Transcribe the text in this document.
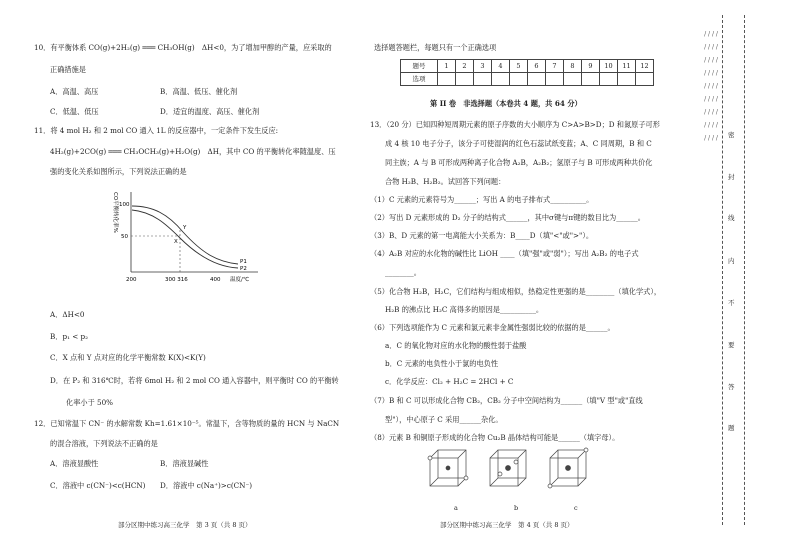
10．有平衡体系 CO(g)+2H₂(g) ═══ CH₃OH(g)　ΔH<0，为了增加甲醇的产量，应采取的
正确措施是
A．高温、高压	B．高温、低压、催化剂
C．低温、低压	D．适宜的温度、高压、催化剂
11．将 4 mol H₂ 和 2 mol CO 通入 1L 的反应器中，一定条件下发生反应:
4H₂(g)+2CO(g) ═══ CH₃OCH₃(g)+H₂O(g)　ΔH，其中 CO 的平衡转化率随温度、压
强的变化关系如图所示，下列说法正确的是
CO平衡转化率% 100
50
200	300 316	400 温度/℃
P1
P2
Y
X
A．ΔH<0
B．p₁ < p₂
C．X 点和 Y 点对应的化学平衡常数 K(X)<K(Y)
D．在 P₂ 和 316℃时，若将 6mol H₂ 和 2 mol CO 通入容器中，则平衡时 CO 的平衡转
化率小于 50%
12．已知常温下 CN⁻ 的水解常数 Kh=1.61×10⁻⁵。常温下，含等物质的量的 HCN 与 NaCN
的混合溶液，下列说法不正确的是
A．溶液显酸性	B．溶液显碱性
C．溶液中 c(CN⁻)<c(HCN) D．溶液中 c(Na⁺)>c(CN⁻)
部分区期中练习高三化学　第 3 页（共 8 页）
选择题答题栏，每题只有一个正确选项
题号	1	2	3	4	5	6	7	8	9	10	11	12
选项												
第 II 卷　非选择题（本卷共 4 题，共 64 分）
13．（20 分）已知四种短周期元素的原子序数的大小顺序为 C>A>B>D；D 和氮原子可形
成 4 核 10 电子分子，该分子可使湿润的红色石蕊试纸变蓝；A、C 同周期，B 和 C
同主族；A 与 B 可形成两种离子化合物 A₂B，A₂B₂；氢原子与 B 可形成两种共价化
合物 H₂B、H₂B₂。试回答下列问题：
（1）C 元素的元素符号为______；写出 A 的电子排布式__________。
（2）写出 D 元素形成的 D₂ 分子的结构式______，其中σ键与π键的数目比为______。
（3）B、D 元素的第一电离能大小关系为：B____D（填"<"或">"）。
（4）A₂B 对应的水化物的碱性比 LiOH ____（填"强"或"弱"）；写出 A₂B₂ 的电子式
________。
（5）化合物 H₂B，H₂C，它们结构与组成相似，热稳定性更强的是________（填化学式），
H₂B 的沸点比 H₂C 高得多的原因是__________。
（6）下列选项能作为 C 元素和氯元素非金属性强弱比较的依据的是______。
a．C 的氧化物对应的水化物的酸性弱于盐酸
b．C 元素的电负性小于氯的电负性
c．化学反应：Cl₂ + H₂C = 2HCl + C
（7）B 和 C 可以形成化合物 CB₂，CB₂ 分子中空间结构为______（填"V 型"或"直线
型"），中心原子 C 采用______杂化。
（8）元素 B 和铜原子形成的化合物 Cu₂B 晶体结构可能是______（填字母）。
a	b	c
部分区期中练习高三化学　第 4 页（共 8 页）
/ / / / / / / / / / / / / / / / / / / / / / / / / / / / / / / / / / / / 密
封
线
内
不
要
答
题
